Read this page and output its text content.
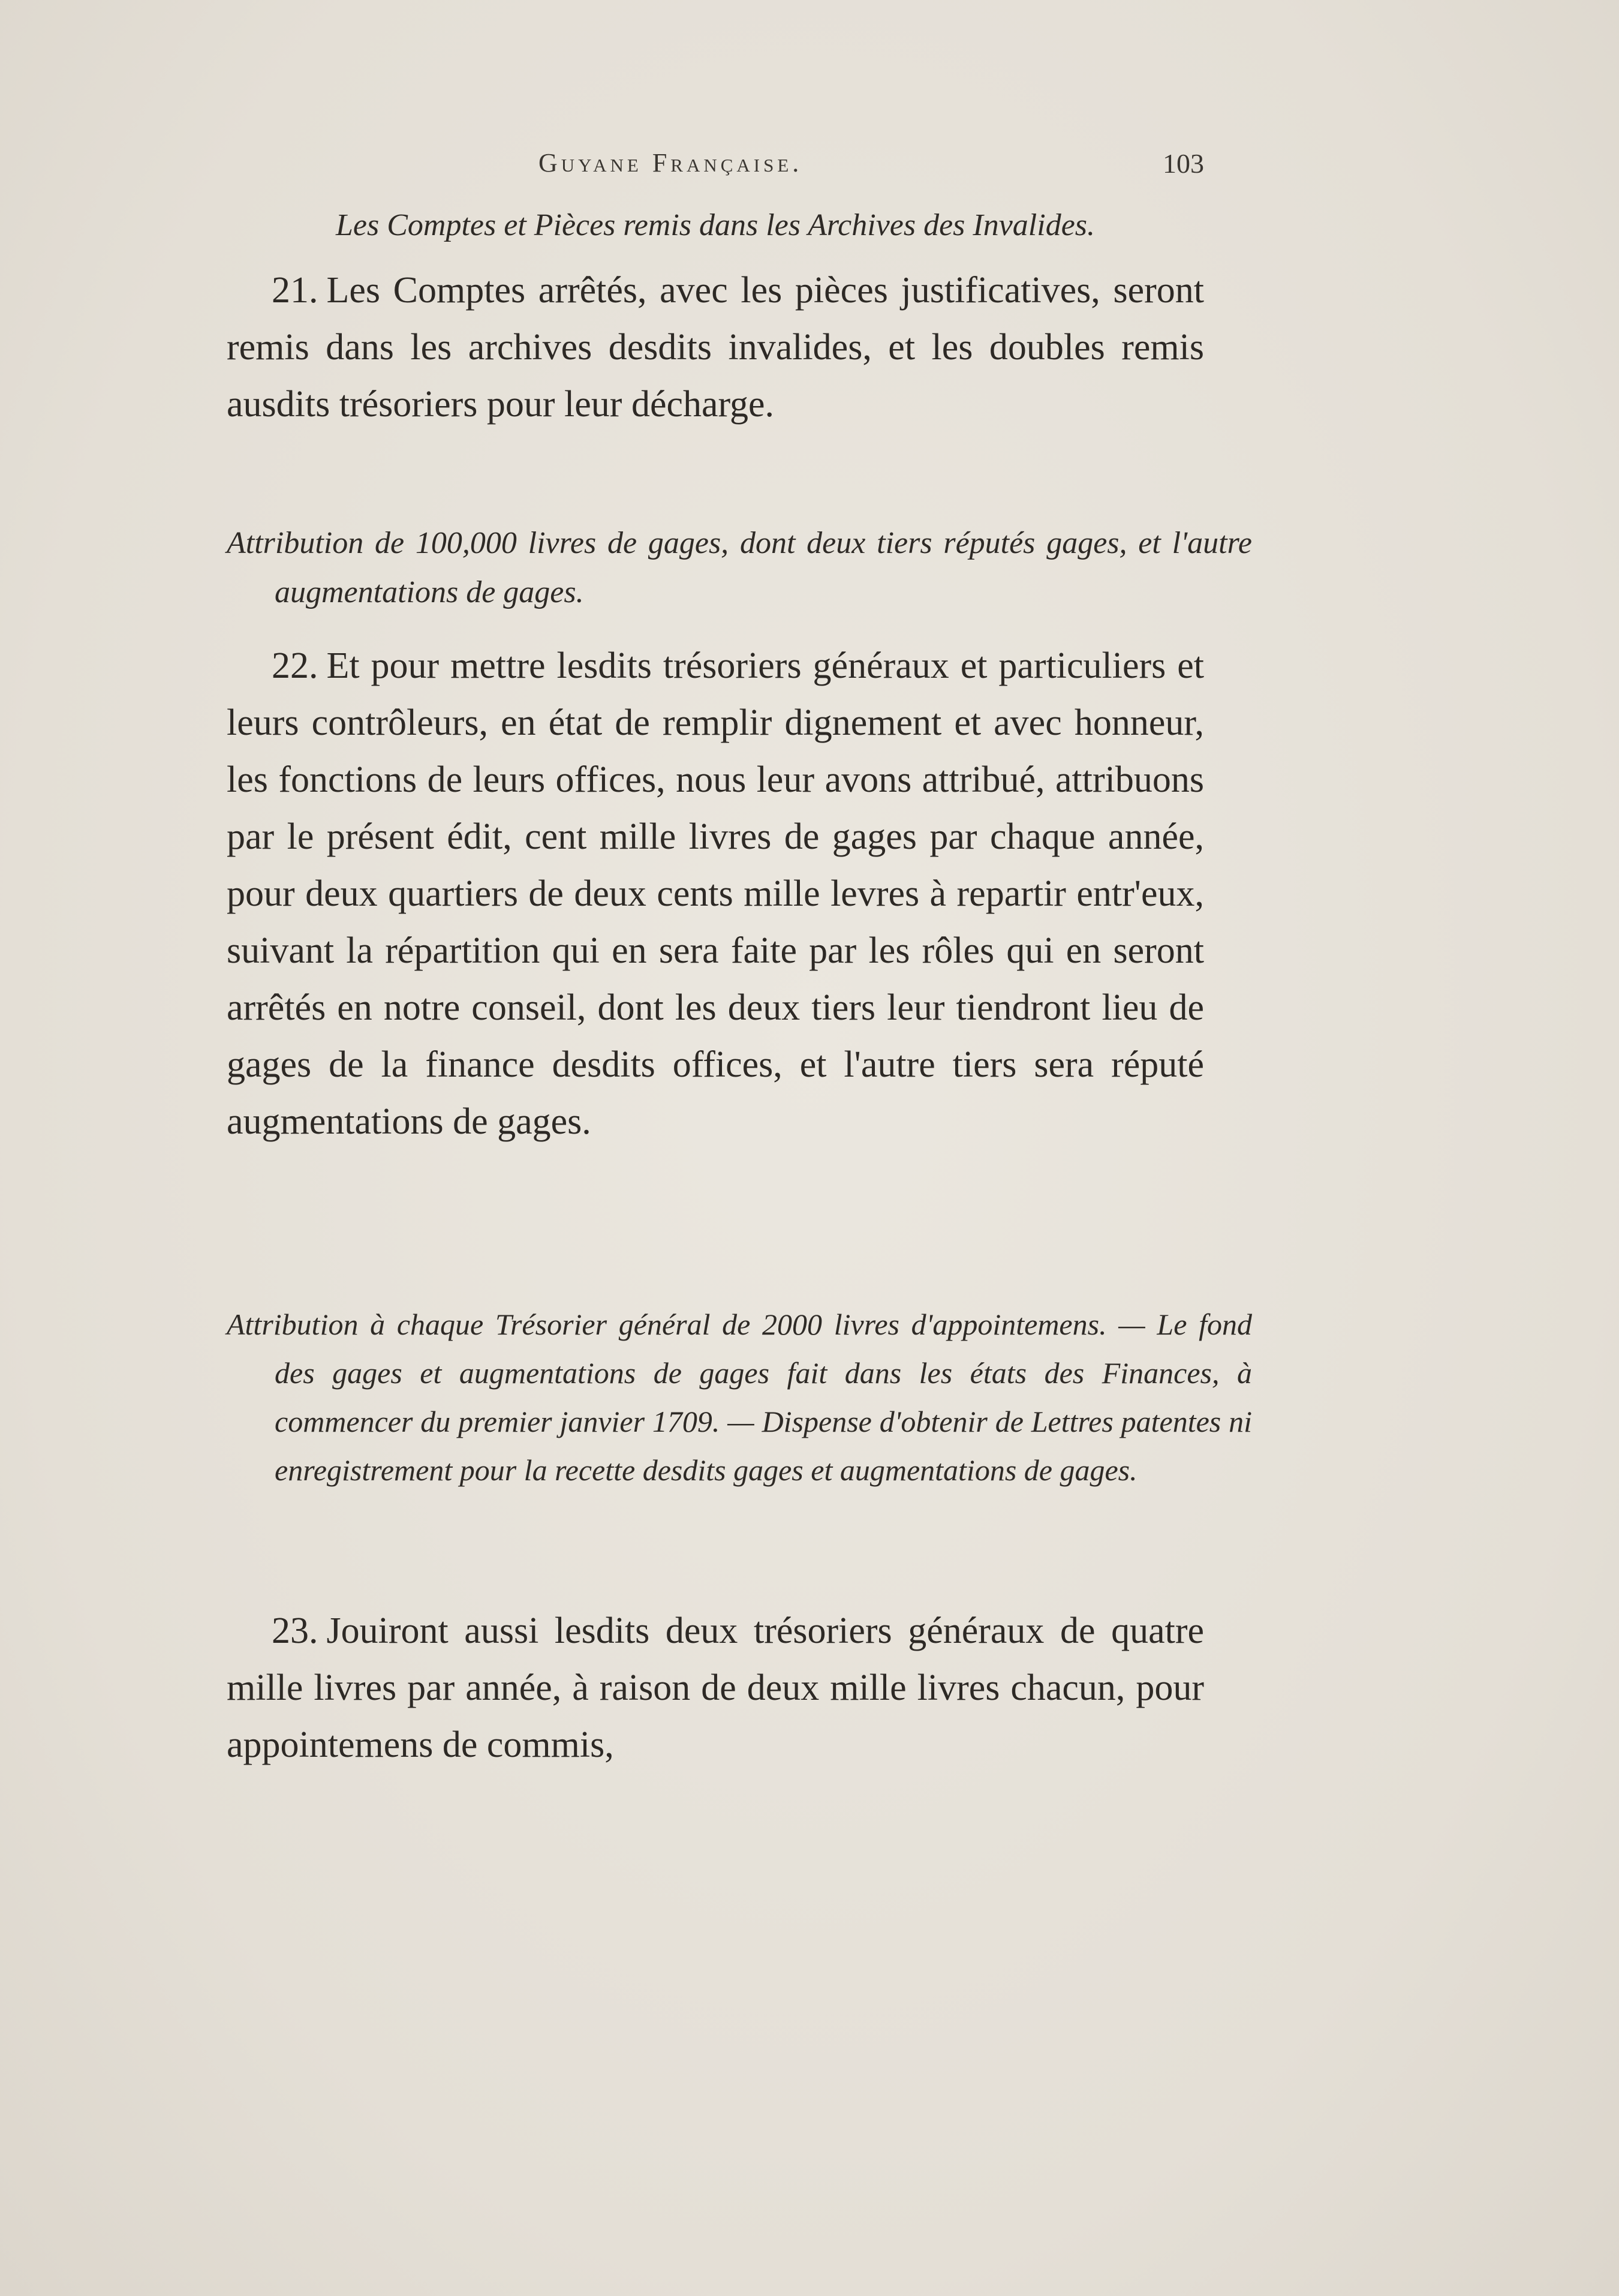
Guyane Française.	103
Les Comptes et Pièces remis dans les Archives des Invalides.
21. Les Comptes arrêtés, avec les pièces justificatives, seront remis dans les archives desdits invalides, et les doubles remis ausdits trésoriers pour leur décharge.
Attribution de 100,000 livres de gages, dont deux tiers réputés gages, et l'autre augmentations de gages.
22. Et pour mettre lesdits trésoriers généraux et particuliers et leurs contrôleurs, en état de remplir dignement et avec honneur, les fonctions de leurs offices, nous leur avons attribué, attribuons par le présent édit, cent mille livres de gages par chaque année, pour deux quartiers de deux cents mille levres à repartir entr'eux, suivant la répartition qui en sera faite par les rôles qui en seront arrêtés en notre conseil, dont les deux tiers leur tiendront lieu de gages de la finance desdits offices, et l'autre tiers sera réputé augmentations de gages.
Attribution à chaque Trésorier général de 2000 livres d'appointemens. — Le fond des gages et augmentations de gages fait dans les états des Finances, à commencer du premier janvier 1709. — Dispense d'obtenir de Lettres patentes ni enregistrement pour la recette desdits gages et augmentations de gages.
23. Jouiront aussi lesdits deux trésoriers généraux de quatre mille livres par année, à raison de deux mille livres chacun, pour appointemens de commis,
